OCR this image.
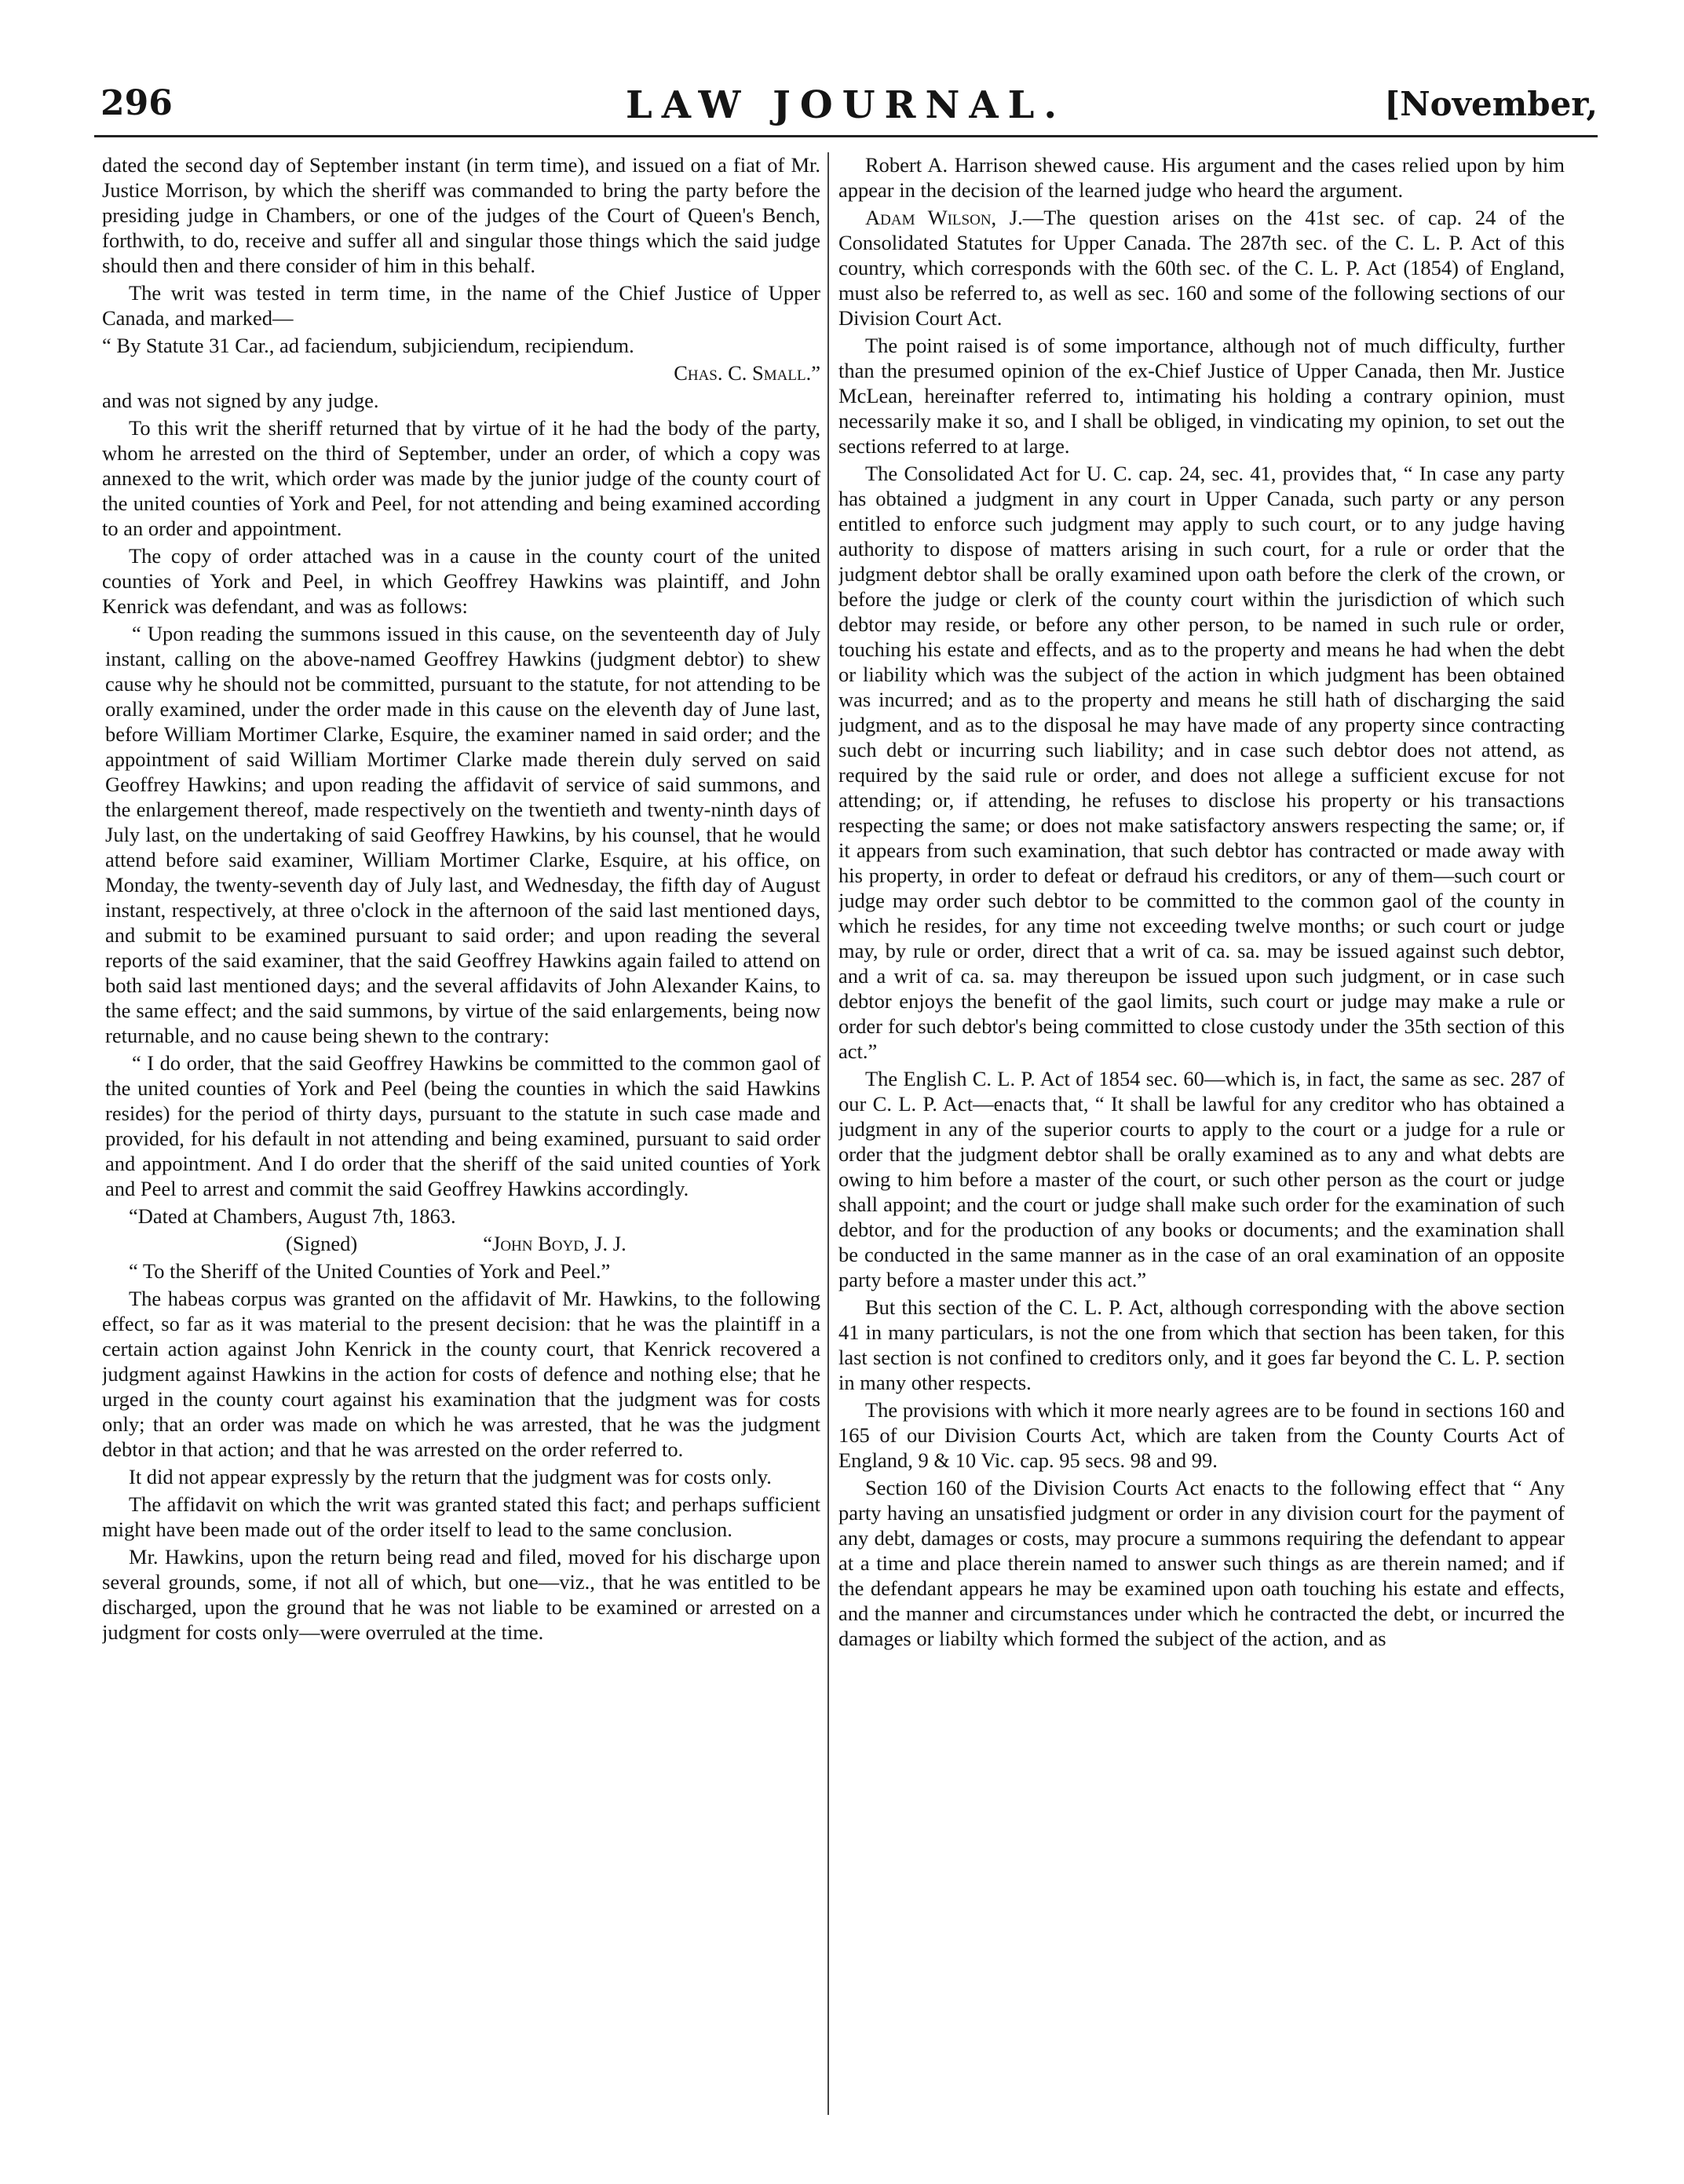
296	LAW JOURNAL.	[November,

dated the second day of September instant (in term time), and issued on a fiat of Mr. Justice Morrison, by which the sheriff was commanded to bring the party before the presiding judge in Chambers, or one of the judges of the Court of Queen's Bench, forthwith, to do, receive and suffer all and singular those things which the said judge should then and there consider of him in this behalf.

The writ was tested in term time, in the name of the Chief Justice of Upper Canada, and marked—

“ By Statute 31 Car., ad faciendum, subjiciendum, recipiendum.

Chas. C. Small.”

and was not signed by any judge.

To this writ the sheriff returned that by virtue of it he had the body of the party, whom he arrested on the third of September, under an order, of which a copy was annexed to the writ, which order was made by the junior judge of the county court of the united counties of York and Peel, for not attending and being examined according to an order and appointment.

The copy of order attached was in a cause in the county court of the united counties of York and Peel, in which Geoffrey Hawkins was plaintiff, and John Kenrick was defendant, and was as follows:

“ Upon reading the summons issued in this cause, on the seventeenth day of July instant, calling on the above-named Geoffrey Hawkins (judgment debtor) to shew cause why he should not be committed, pursuant to the statute, for not attending to be orally examined, under the order made in this cause on the eleventh day of June last, before William Mortimer Clarke, Esquire, the examiner named in said order; and the appointment of said William Mortimer Clarke made therein duly served on said Geoffrey Hawkins; and upon reading the affidavit of service of said summons, and the enlargement thereof, made respectively on the twentieth and twenty-ninth days of July last, on the undertaking of said Geoffrey Hawkins, by his counsel, that he would attend before said examiner, William Mortimer Clarke, Esquire, at his office, on Monday, the twenty-seventh day of July last, and Wednesday, the fifth day of August instant, respectively, at three o'clock in the afternoon of the said last mentioned days, and submit to be examined pursuant to said order; and upon reading the several reports of the said examiner, that the said Geoffrey Hawkins again failed to attend on both said last mentioned days; and the several affidavits of John Alexander Kains, to the same effect; and the said summons, by virtue of the said enlargements, being now returnable, and no cause being shewn to the contrary:

“ I do order, that the said Geoffrey Hawkins be committed to the common gaol of the united counties of York and Peel (being the counties in which the said Hawkins resides) for the period of thirty days, pursuant to the statute in such case made and provided, for his default in not attending and being examined, pursuant to said order and appointment. And I do order that the sheriff of the said united counties of York and Peel to arrest and commit the said Geoffrey Hawkins accordingly.

“Dated at Chambers, August 7th, 1863.

(Signed)	“John Boyd, J. J.

“ To the Sheriff of the United Counties of York and Peel.”

The habeas corpus was granted on the affidavit of Mr. Hawkins, to the following effect, so far as it was material to the present decision: that he was the plaintiff in a certain action against John Kenrick in the county court, that Kenrick recovered a judgment against Hawkins in the action for costs of defence and nothing else; that he urged in the county court against his examination that the judgment was for costs only; that an order was made on which he was arrested, that he was the judgment debtor in that action; and that he was arrested on the order referred to.

It did not appear expressly by the return that the judgment was for costs only.

The affidavit on which the writ was granted stated this fact; and perhaps sufficient might have been made out of the order itself to lead to the same conclusion.

Mr. Hawkins, upon the return being read and filed, moved for his discharge upon several grounds, some, if not all of which, but one—viz., that he was entitled to be discharged, upon the ground that he was not liable to be examined or arrested on a judgment for costs only—were overruled at the time.

Robert A. Harrison shewed cause. His argument and the cases relied upon by him appear in the decision of the learned judge who heard the argument.

Adam Wilson, J.—The question arises on the 41st sec. of cap. 24 of the Consolidated Statutes for Upper Canada. The 287th sec. of the C. L. P. Act of this country, which corresponds with the 60th sec. of the C. L. P. Act (1854) of England, must also be referred to, as well as sec. 160 and some of the following sections of our Division Court Act.

The point raised is of some importance, although not of much difficulty, further than the presumed opinion of the ex-Chief Justice of Upper Canada, then Mr. Justice McLean, hereinafter referred to, intimating his holding a contrary opinion, must necessarily make it so, and I shall be obliged, in vindicating my opinion, to set out the sections referred to at large.

The Consolidated Act for U. C. cap. 24, sec. 41, provides that, “ In case any party has obtained a judgment in any court in Upper Canada, such party or any person entitled to enforce such judgment may apply to such court, or to any judge having authority to dispose of matters arising in such court, for a rule or order that the judgment debtor shall be orally examined upon oath before the clerk of the crown, or before the judge or clerk of the county court within the jurisdiction of which such debtor may reside, or before any other person, to be named in such rule or order, touching his estate and effects, and as to the property and means he had when the debt or liability which was the subject of the action in which judgment has been obtained was incurred; and as to the property and means he still hath of discharging the said judgment, and as to the disposal he may have made of any property since contracting such debt or incurring such liability; and in case such debtor does not attend, as required by the said rule or order, and does not allege a sufficient excuse for not attending; or, if attending, he refuses to disclose his property or his transactions respecting the same; or does not make satisfactory answers respecting the same; or, if it appears from such examination, that such debtor has contracted or made away with his property, in order to defeat or defraud his creditors, or any of them—such court or judge may order such debtor to be committed to the common gaol of the county in which he resides, for any time not exceeding twelve months; or such court or judge may, by rule or order, direct that a writ of ca. sa. may be issued against such debtor, and a writ of ca. sa. may thereupon be issued upon such judgment, or in case such debtor enjoys the benefit of the gaol limits, such court or judge may make a rule or order for such debtor's being committed to close custody under the 35th section of this act.”

The English C. L. P. Act of 1854 sec. 60—which is, in fact, the same as sec. 287 of our C. L. P. Act—enacts that, “ It shall be lawful for any creditor who has obtained a judgment in any of the superior courts to apply to the court or a judge for a rule or order that the judgment debtor shall be orally examined as to any and what debts are owing to him before a master of the court, or such other person as the court or judge shall appoint; and the court or judge shall make such order for the examination of such debtor, and for the production of any books or documents; and the examination shall be conducted in the same manner as in the case of an oral examination of an opposite party before a master under this act.”

But this section of the C. L. P. Act, although corresponding with the above section 41 in many particulars, is not the one from which that section has been taken, for this last section is not confined to creditors only, and it goes far beyond the C. L. P. section in many other respects.

The provisions with which it more nearly agrees are to be found in sections 160 and 165 of our Division Courts Act, which are taken from the County Courts Act of England, 9 & 10 Vic. cap. 95 secs. 98 and 99.

Section 160 of the Division Courts Act enacts to the following effect that “ Any party having an unsatisfied judgment or order in any division court for the payment of any debt, damages or costs, may procure a summons requiring the defendant to appear at a time and place therein named to answer such things as are therein named; and if the defendant appears he may be examined upon oath touching his estate and effects, and the manner and circumstances under which he contracted the debt, or incurred the damages or liabilty which formed the subject of the action, and as
